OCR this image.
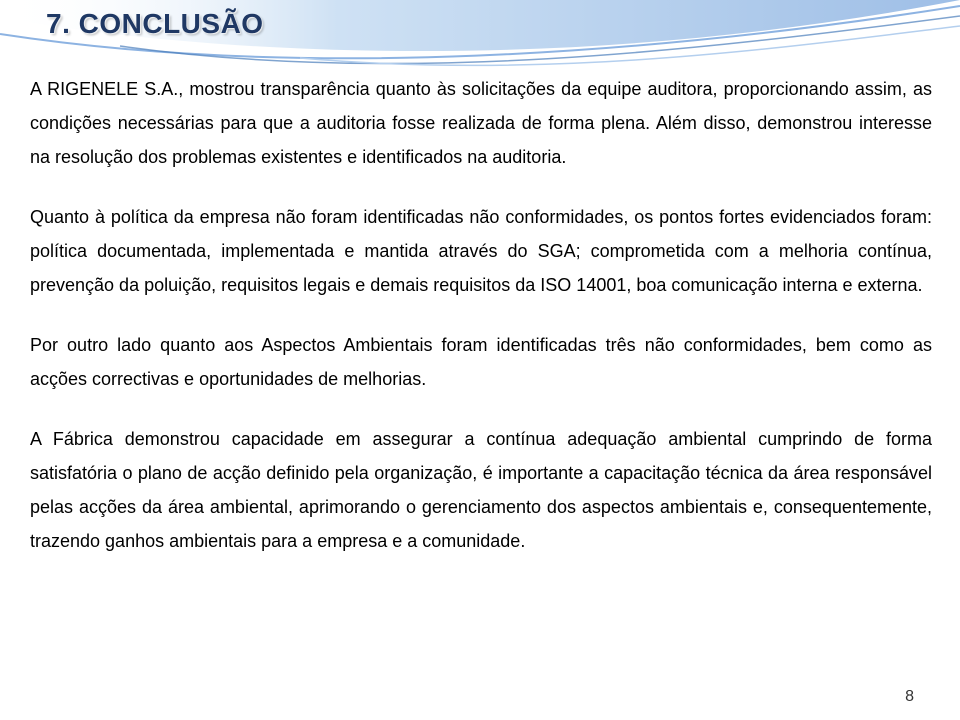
7. CONCLUSÃO

A RIGENELE S.A., mostrou transparência quanto às solicitações da equipe auditora, proporcionando assim, as condições necessárias para que a auditoria fosse realizada de forma plena. Além disso, demonstrou interesse na resolução dos problemas existentes e identificados na auditoria.

Quanto à política da empresa não foram identificadas não conformidades, os pontos fortes evidenciados foram: política documentada, implementada e mantida através do SGA; comprometida com a melhoria contínua, prevenção da poluição, requisitos legais e demais requisitos da ISO 14001, boa comunicação interna e externa.

Por outro lado quanto aos Aspectos Ambientais foram identificadas três não conformidades, bem como as acções correctivas e oportunidades de melhorias.

A Fábrica demonstrou capacidade em assegurar a contínua adequação ambiental cumprindo de forma satisfatória o plano de acção definido pela organização, é importante a capacitação técnica da área responsável pelas acções da área ambiental, aprimorando o gerenciamento dos aspectos ambientais e, consequentemente, trazendo ganhos ambientais para a empresa e a comunidade.

8
